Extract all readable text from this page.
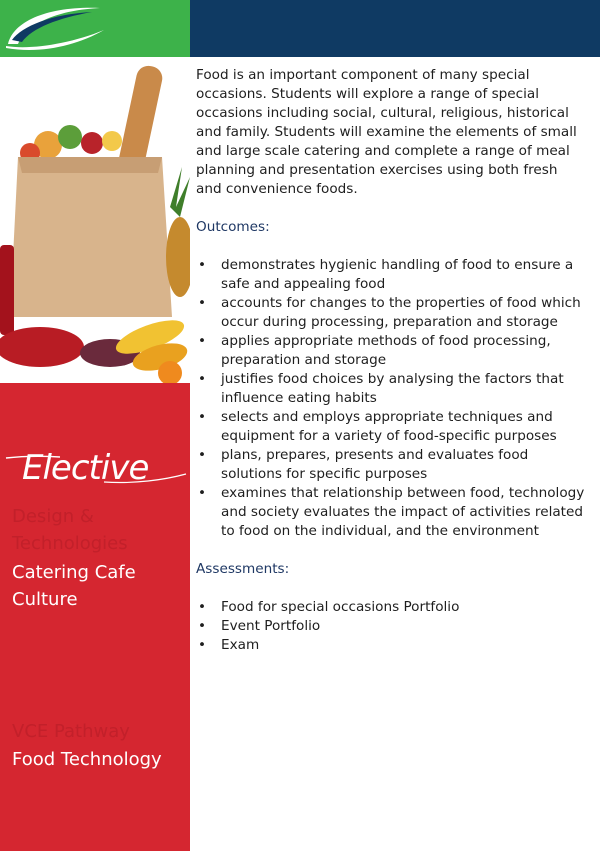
Elective
Design &
Technologies
Catering Cafe
Culture
VCE Pathway
Food Technology

Food is an important component of many special occasions. Students will explore a range of special occasions including social, cultural, religious, historical and family. Students will examine the elements of small and large scale catering and complete a range of meal planning and presentation exercises using both fresh and convenience foods.

Outcomes:

• demonstrates hygienic handling of food to ensure a safe and appealing food
• accounts for changes to the properties of food which occur during processing, preparation and storage
• applies appropriate methods of food processing, preparation and storage
• justifies food choices by analysing the factors that influence eating habits
• selects and employs appropriate techniques and equipment for a variety of food-specific purposes
• plans, prepares, presents and evaluates food solutions for specific purposes
• examines that relationship between food, technology and society evaluates the impact of activities related to food on the individual, and the environment

Assessments:

• Food for special occasions Portfolio
• Event Portfolio
• Exam
